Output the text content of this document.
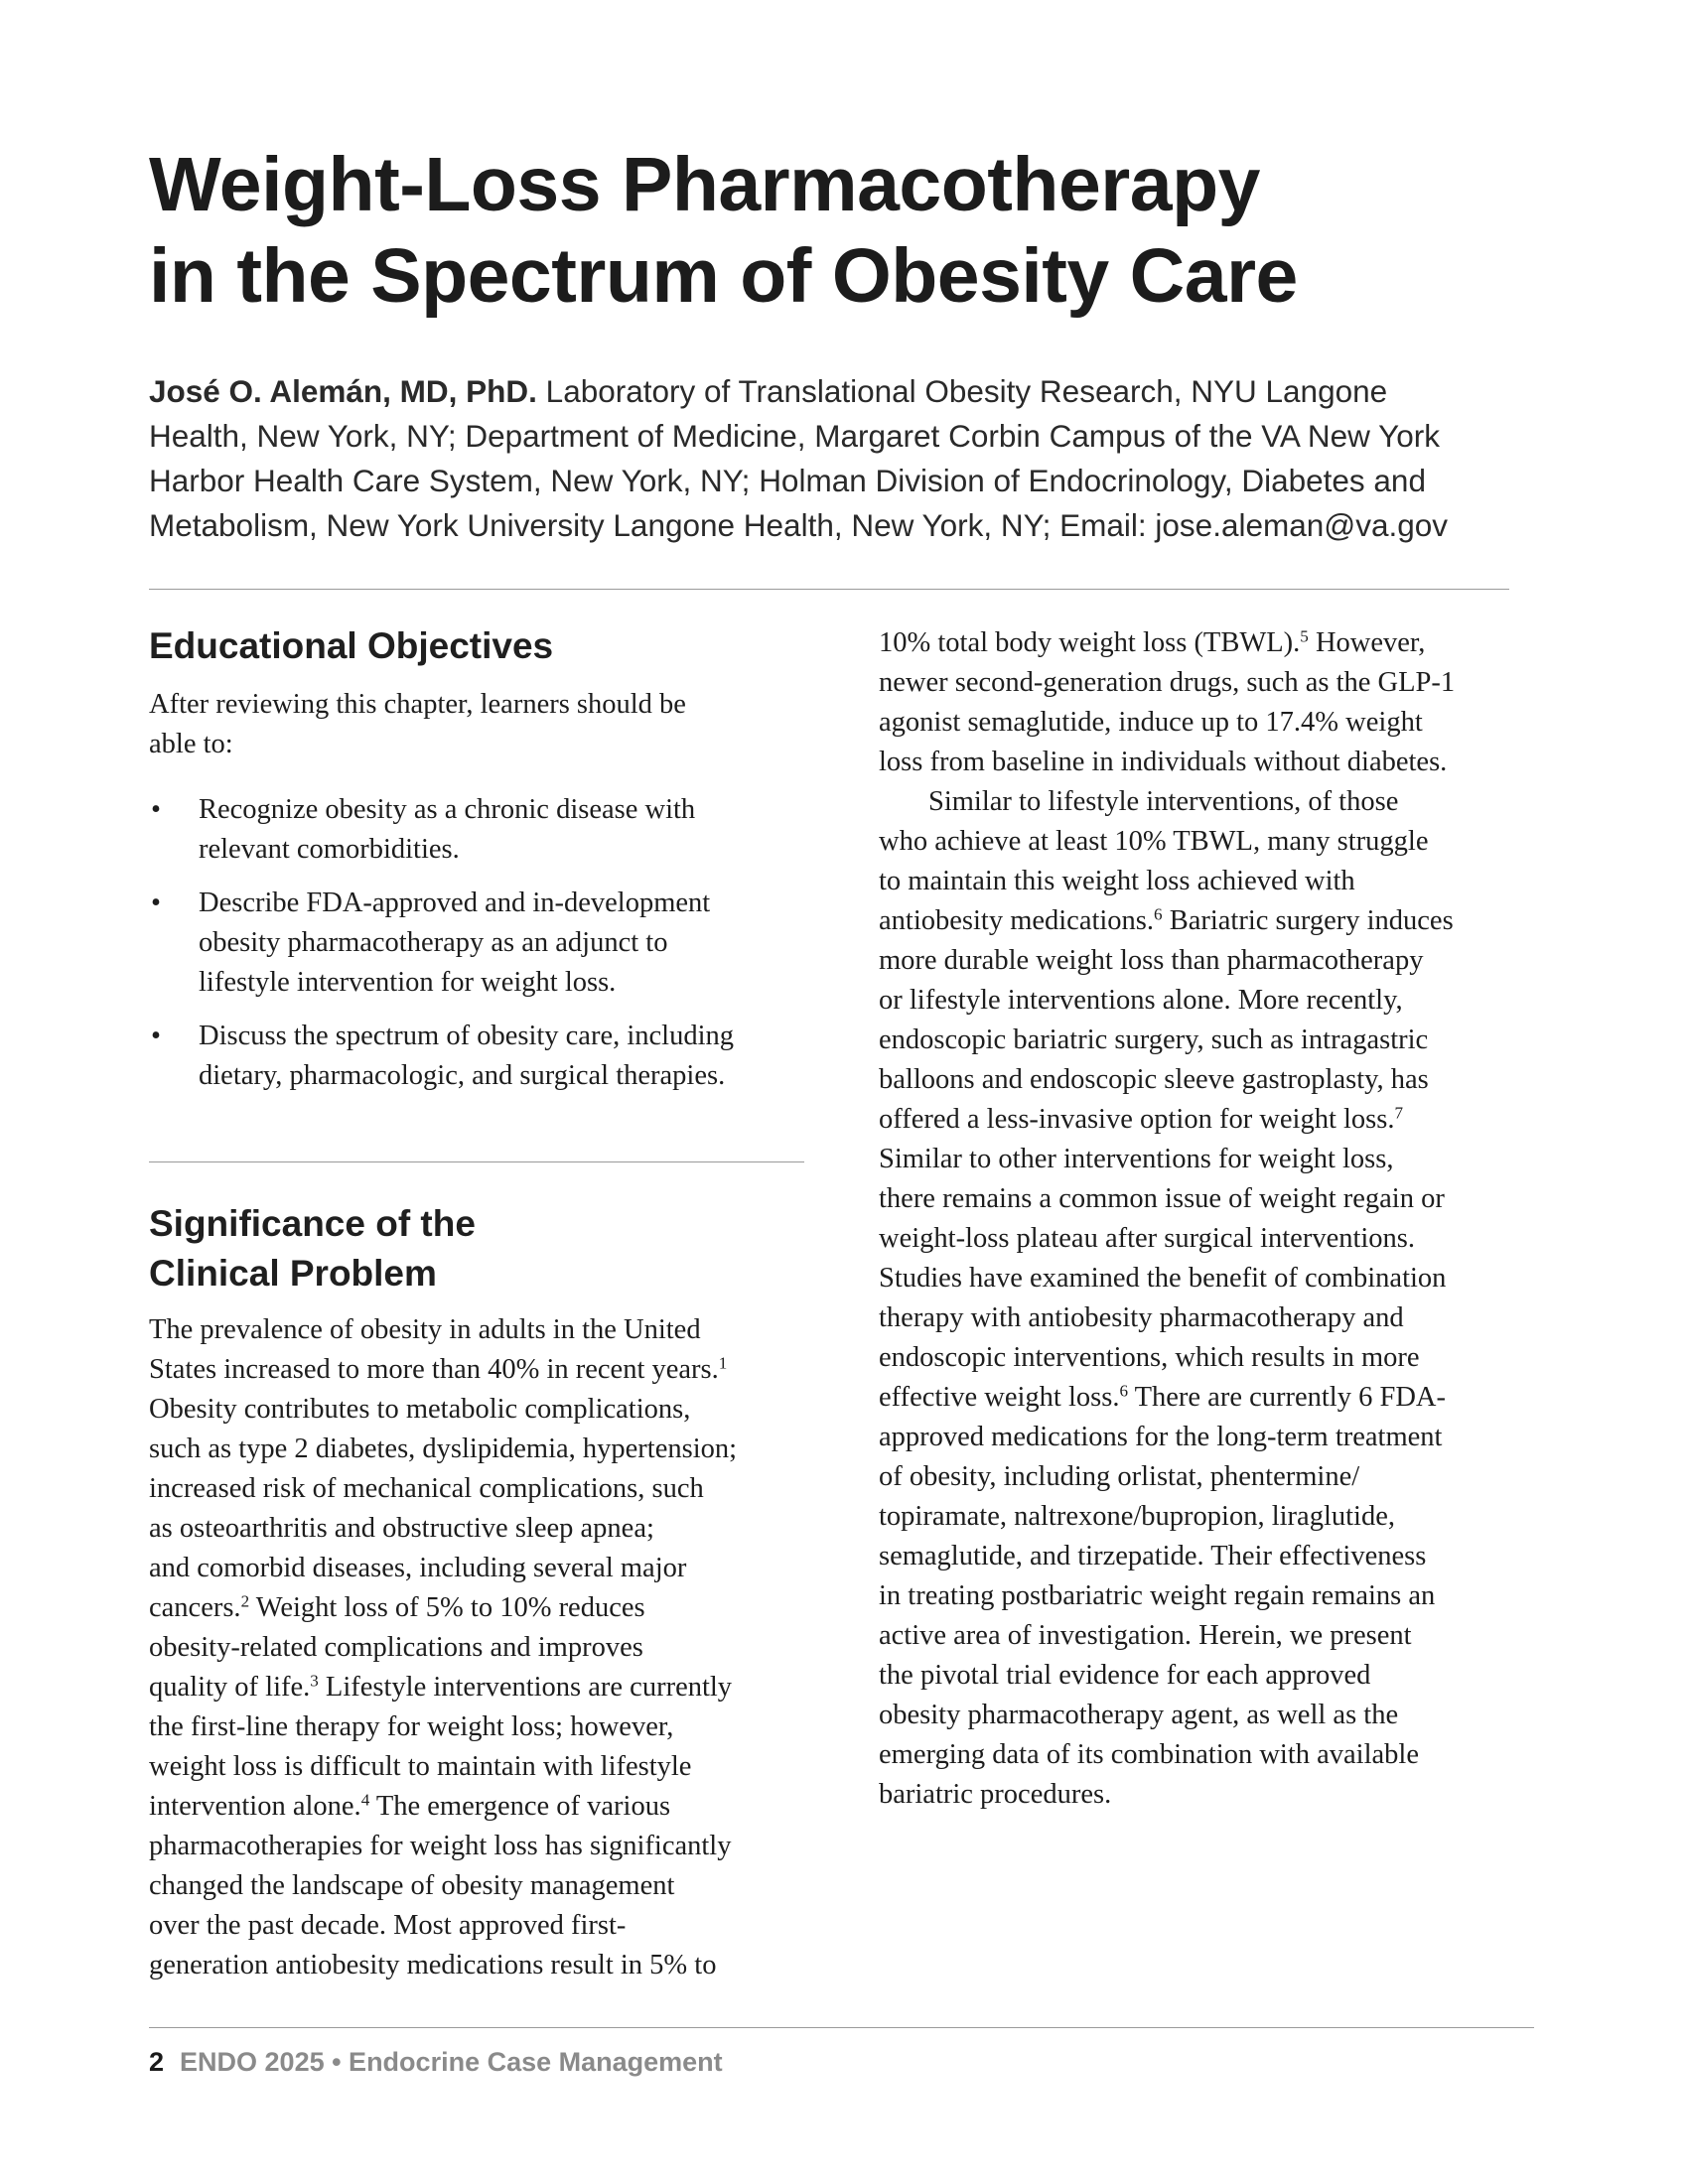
Weight-Loss Pharmacotherapy
in the Spectrum of Obesity Care
José O. Alemán, MD, PhD. Laboratory of Translational Obesity Research, NYU Langone
Health, New York, NY; Department of Medicine, Margaret Corbin Campus of the VA New York
Harbor Health Care System, New York, NY; Holman Division of Endocrinology, Diabetes and
Metabolism, New York University Langone Health, New York, NY; Email: jose.aleman@va.gov
Educational Objectives
After reviewing this chapter, learners should be
able to:
• Recognize obesity as a chronic disease with
relevant comorbidities.
• Describe FDA-approved and in-development
obesity pharmacotherapy as an adjunct to
lifestyle intervention for weight loss.
• Discuss the spectrum of obesity care, including
dietary, pharmacologic, and surgical therapies.
Significance of the
Clinical Problem
The prevalence of obesity in adults in the United
States increased to more than 40% in recent years.$^1$
Obesity contributes to metabolic complications,
such as type 2 diabetes, dyslipidemia, hypertension;
increased risk of mechanical complications, such
as osteoarthritis and obstructive sleep apnea;
and comorbid diseases, including several major
cancers.$^2$ Weight loss of 5% to 10% reduces
obesity-related complications and improves
quality of life.$^3$ Lifestyle interventions are currently
the first-line therapy for weight loss; however,
weight loss is difficult to maintain with lifestyle
intervention alone.$^4$ The emergence of various
pharmacotherapies for weight loss has significantly
changed the landscape of obesity management
over the past decade. Most approved first-
generation antiobesity medications result in 5% to
10% total body weight loss (TBWL).$^5$ However,
newer second-generation drugs, such as the GLP-1
agonist semaglutide, induce up to 17.4% weight
loss from baseline in individuals without diabetes.
Similar to lifestyle interventions, of those
who achieve at least 10% TBWL, many struggle
to maintain this weight loss achieved with
antiobesity medications.$^6$ Bariatric surgery induces
more durable weight loss than pharmacotherapy
or lifestyle interventions alone. More recently,
endoscopic bariatric surgery, such as intragastric
balloons and endoscopic sleeve gastroplasty, has
offered a less-invasive option for weight loss.$^7$
Similar to other interventions for weight loss,
there remains a common issue of weight regain or
weight-loss plateau after surgical interventions.
Studies have examined the benefit of combination
therapy with antiobesity pharmacotherapy and
endoscopic interventions, which results in more
effective weight loss.$^6$ There are currently 6 FDA-
approved medications for the long-term treatment
of obesity, including orlistat, phentermine/
topiramate, naltrexone/bupropion, liraglutide,
semaglutide, and tirzepatide. Their effectiveness
in treating postbariatric weight regain remains an
active area of investigation. Herein, we present
the pivotal trial evidence for each approved
obesity pharmacotherapy agent, as well as the
emerging data of its combination with available
bariatric procedures.
2 ENDO 2025 • Endocrine Case Management
